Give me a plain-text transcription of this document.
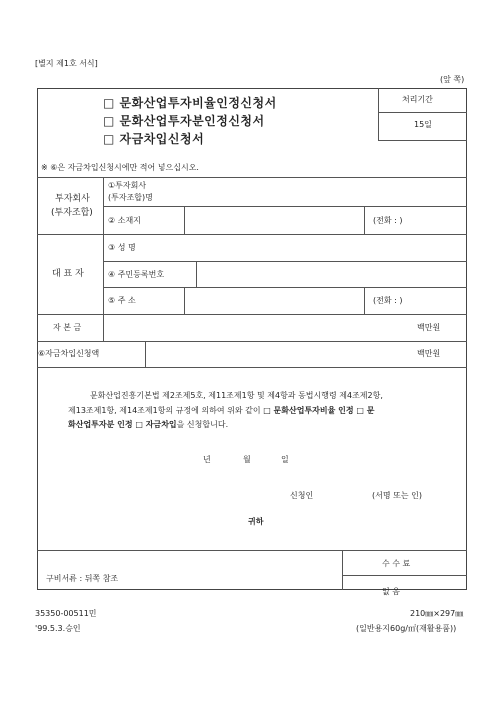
[별지 제1호 서식]
(앞 쪽)
□ 문화산업투자비율인정신청서
□ 문화산업투자분인정신청서
□ 자금차입신청서
처리기간
15일
※ ⑥은 자금차입신청시에만 적어 넣으십시오.
투자회사
(투자조합)
①투자회사
(투자조합)명
② 소재지	(전화 : )
대 표 자
③ 성 명
④ 주민등록번호
⑤ 주 소	(전화 : )
자 본 금	백만원
⑥자금차입신청액	백만원
문화산업진흥기본법 제2조제5호, 제11조제1항 및 제4항과 동법시행령 제4조제2항,
제13조제1항, 제14조제1항의 규정에 의하여 위와 같이 □ 문화산업투자비율 인정 □ 문
화산업투자분 인정 □ 자금차입을 신청합니다.
년	월	일
신청인	(서명 또는 인)
귀하
구비서류 : 뒤쪽 참조
수 수 료
없 음
35350-00511민
'99.5.3.승인
210㎜×297㎜
(일반용지60g/㎡(재활용품))
